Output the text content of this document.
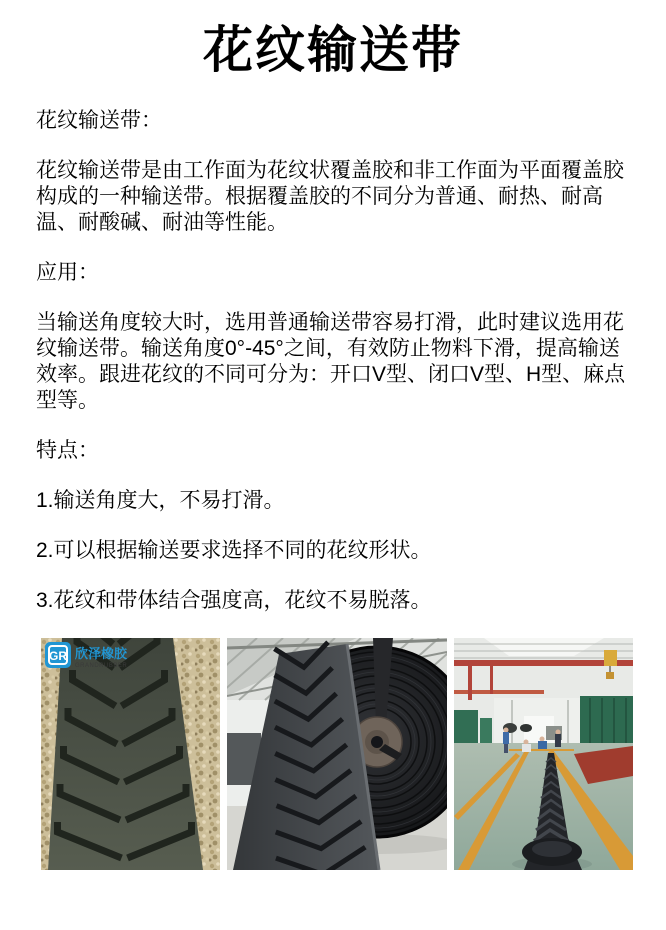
花纹输送带

花纹输送带：

花纹输送带是由工作面为花纹状覆盖胶和非工作面为平面覆盖胶构成的一种输送带。根据覆盖胶的不同分为普通、耐热、耐高温、耐酸碱、耐油等性能。

应用：

当输送角度较大时，选用普通输送带容易打滑，此时建议选用花纹输送带。输送角度0°-45°之间，有效防止物料下滑，提高输送效率。跟进花纹的不同可分为：开口V型、闭口V型、H型、麻点型等。

特点：

1.输送角度大，不易打滑。

2.可以根据输送要求选择不同的花纹形状。

3.花纹和带体结合强度高，花纹不易脱落。

GR 欣泽橡胶
GRANDRUBBER
